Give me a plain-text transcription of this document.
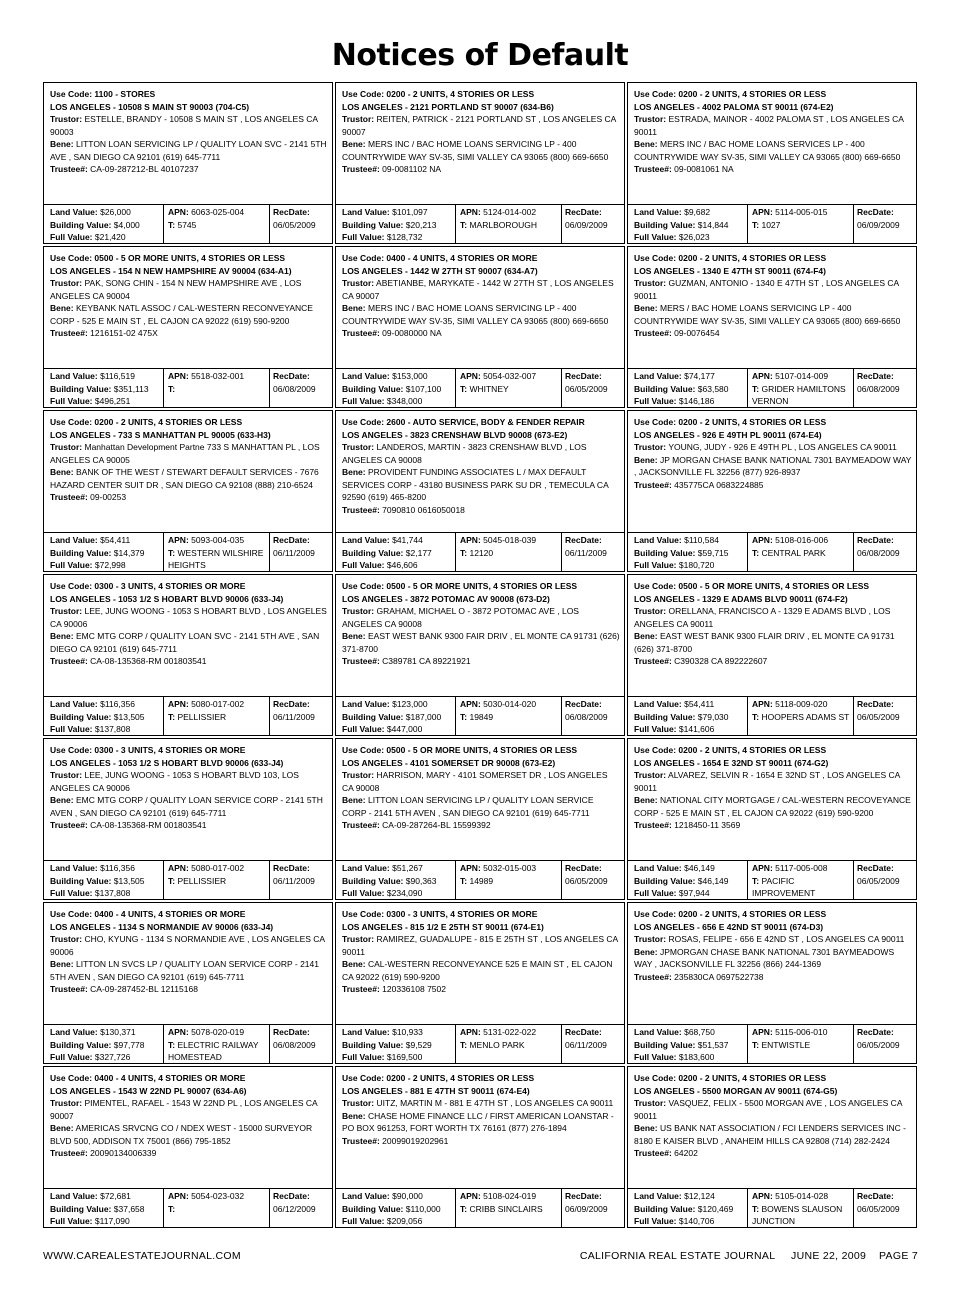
Notices of Default
Use Code: 1100 - STORES
LOS ANGELES - 10508 S MAIN ST 90003 (704-C5)
Trustor: ESTELLE, BRANDY - 10508 S MAIN ST , LOS ANGELES CA 90003
Bene: LITTON LOAN SERVICING LP / QUALITY LOAN SVC - 2141 5TH AVE , SAN DIEGO CA 92101 (619) 645-7711
Trustee#: CA-09-287212-BL 40107237
Land Value: $26,000
Building Value: $4,000
Full Value: $21,420
APN: 6063-025-004
T: 5745
RecDate:
06/05/2009
Use Code: 0200 - 2 UNITS, 4 STORIES OR LESS
LOS ANGELES - 2121 PORTLAND ST 90007 (634-B6)
Trustor: REITEN, PATRICK - 2121 PORTLAND ST , LOS ANGELES CA 90007
Bene: MERS INC / BAC HOME LOANS SERVICING LP - 400 COUNTRYWIDE WAY SV-35, SIMI VALLEY CA 93065 (800) 669-6650
Trustee#: 09-0081102 NA
Land Value: $101,097
Building Value: $20,213
Full Value: $128,732
APN: 5124-014-002
T: MARLBOROUGH
RecDate:
06/09/2009
Use Code: 0200 - 2 UNITS, 4 STORIES OR LESS
LOS ANGELES - 4002 PALOMA ST 90011 (674-E2)
Trustor: ESTRADA, MAINOR - 4002 PALOMA ST , LOS ANGELES CA 90011
Bene: MERS INC / BAC HOME LOANS SERVICES LP - 400 COUNTRYWIDE WAY SV-35, SIMI VALLEY CA 93065 (800) 669-6650
Trustee#: 09-0081061 NA
Land Value: $9,682
Building Value: $14,844
Full Value: $26,023
APN: 5114-005-015
T: 1027
RecDate:
06/09/2009
Use Code: 0500 - 5 OR MORE UNITS, 4 STORIES OR LESS
LOS ANGELES - 154 N NEW HAMPSHIRE AV 90004 (634-A1)
Trustor: PAK, SONG CHIN - 154 N NEW HAMPSHIRE AVE , LOS ANGELES CA 90004
Bene: KEYBANK NATL ASSOC / CAL-WESTERN RECONVEYANCE CORP - 525 E MAIN ST , EL CAJON CA 92022 (619) 590-9200
Trustee#: 1216151-02 475X
Land Value: $116,519
Building Value: $351,113
Full Value: $496,251
APN: 5518-032-001
T:
RecDate:
06/08/2009
Use Code: 0400 - 4 UNITS, 4 STORIES OR MORE
LOS ANGELES - 1442 W 27TH ST 90007 (634-A7)
Trustor: ABETIANBE, MARYKATE - 1442 W 27TH ST , LOS ANGELES CA 90007
Bene: MERS INC / BAC HOME LOANS SERVICING LP - 400 COUNTRYWIDE WAY SV-35, SIMI VALLEY CA 93065 (800) 669-6650
Trustee#: 09-0080000 NA
Land Value: $153,000
Building Value: $107,100
Full Value: $348,000
APN: 5054-032-007
T: WHITNEY
RecDate:
06/05/2009
Use Code: 0200 - 2 UNITS, 4 STORIES OR LESS
LOS ANGELES - 1340 E 47TH ST 90011 (674-F4)
Trustor: GUZMAN, ANTONIO - 1340 E 47TH ST , LOS ANGELES CA 90011
Bene: MERS / BAC HOME LOANS SERVICING LP - 400 COUNTRYWIDE WAY SV-35, SIMI VALLEY CA 93065 (800) 669-6650
Trustee#: 09-0076454
Land Value: $74,177
Building Value: $63,580
Full Value: $146,186
APN: 5107-014-009
T: GRIDER HAMILTONS VERNON
RecDate:
06/08/2009
Use Code: 0200 - 2 UNITS, 4 STORIES OR LESS
LOS ANGELES - 733 S MANHATTAN PL 90005 (633-H3)
Trustor: Manhattan Development Partne 733 S MANHATTAN PL , LOS ANGELES CA 90005
Bene: BANK OF THE WEST / STEWART DEFAULT SERVICES - 7676 HAZARD CENTER SUIT DR , SAN DIEGO CA 92108 (888) 210-6524
Trustee#: 09-00253
Land Value: $54,411
Building Value: $14,379
Full Value: $72,998
APN: 5093-004-035
T: WESTERN WILSHIRE HEIGHTS
RecDate:
06/11/2009
Use Code: 2600 - AUTO SERVICE, BODY & FENDER REPAIR
LOS ANGELES - 3823 CRENSHAW BLVD 90008 (673-E2)
Trustor: LANDEROS, MARTIN - 3823 CRENSHAW BLVD , LOS ANGELES CA 90008
Bene: PROVIDENT FUNDING ASSOCIATES L / MAX DEFAULT SERVICES CORP - 43180 BUSINESS PARK SU DR , TEMECULA CA 92590 (619) 465-8200
Trustee#: 7090810 0616050018
Land Value: $41,744
Building Value: $2,177
Full Value: $46,606
APN: 5045-018-039
T: 12120
RecDate:
06/11/2009
Use Code: 0200 - 2 UNITS, 4 STORIES OR LESS
LOS ANGELES - 926 E 49TH PL 90011 (674-E4)
Trustor: YOUNG, JUDY - 926 E 49TH PL , LOS ANGELES CA 90011
Bene: JP MORGAN CHASE BANK NATIONAL 7301 BAYMEADOW WAY , JACKSONVILLE FL 32256 (877) 926-8937
Trustee#: 435775CA 0683224885
Land Value: $110,584
Building Value: $59,715
Full Value: $180,720
APN: 5108-016-006
T: CENTRAL PARK
RecDate:
06/08/2009
Use Code: 0300 - 3 UNITS, 4 STORIES OR MORE
LOS ANGELES - 1053 1/2 S HOBART BLVD 90006 (633-J4)
Trustor: LEE, JUNG WOONG - 1053 S HOBART BLVD , LOS ANGELES CA 90006
Bene: EMC MTG CORP / QUALITY LOAN SVC - 2141 5TH AVE , SAN DIEGO CA 92101 (619) 645-7711
Trustee#: CA-08-135368-RM 001803541
Land Value: $116,356
Building Value: $13,505
Full Value: $137,808
APN: 5080-017-002
T: PELLISSIER
RecDate:
06/11/2009
Use Code: 0500 - 5 OR MORE UNITS, 4 STORIES OR LESS
LOS ANGELES - 3872 POTOMAC AV 90008 (673-D2)
Trustor: GRAHAM, MICHAEL O - 3872 POTOMAC AVE , LOS ANGELES CA 90008
Bene: EAST WEST BANK 9300 FAIR DRIV , EL MONTE CA 91731 (626) 371-8700
Trustee#: C389781 CA 89221921
Land Value: $123,000
Building Value: $187,000
Full Value: $447,000
APN: 5030-014-020
T: 19849
RecDate:
06/08/2009
Use Code: 0500 - 5 OR MORE UNITS, 4 STORIES OR LESS
LOS ANGELES - 1329 E ADAMS BLVD 90011 (674-F2)
Trustor: ORELLANA, FRANCISCO A - 1329 E ADAMS BLVD , LOS ANGELES CA 90011
Bene: EAST WEST BANK 9300 FLAIR DRIV , EL MONTE CA 91731 (626) 371-8700
Trustee#: C390328 CA 892222607
Land Value: $54,411
Building Value: $79,030
Full Value: $141,606
APN: 5118-009-020
T: HOOPERS ADAMS ST
RecDate:
06/05/2009
Use Code: 0300 - 3 UNITS, 4 STORIES OR MORE
LOS ANGELES - 1053 1/2 S HOBART BLVD 90006 (633-J4)
Trustor: LEE, JUNG WOONG - 1053 S HOBART BLVD 103, LOS ANGELES CA 90006
Bene: EMC MTG CORP / QUALITY LOAN SERVICE CORP - 2141 5TH AVEN , SAN DIEGO CA 92101 (619) 645-7711
Trustee#: CA-08-135368-RM 001803541
Land Value: $116,356
Building Value: $13,505
Full Value: $137,808
APN: 5080-017-002
T: PELLISSIER
RecDate:
06/11/2009
Use Code: 0500 - 5 OR MORE UNITS, 4 STORIES OR LESS
LOS ANGELES - 4101 SOMERSET DR 90008 (673-E2)
Trustor: HARRISON, MARY - 4101 SOMERSET DR , LOS ANGELES CA 90008
Bene: LITTON LOAN SERVICING LP / QUALITY LOAN SERVICE CORP - 2141 5TH AVEN , SAN DIEGO CA 92101 (619) 645-7711
Trustee#: CA-09-287264-BL 15599392
Land Value: $51,267
Building Value: $90,363
Full Value: $234,090
APN: 5032-015-003
T: 14989
RecDate:
06/05/2009
Use Code: 0200 - 2 UNITS, 4 STORIES OR LESS
LOS ANGELES - 1654 E 32ND ST 90011 (674-G2)
Trustor: ALVAREZ, SELVIN R - 1654 E 32ND ST , LOS ANGELES CA 90011
Bene: NATIONAL CITY MORTGAGE / CAL-WESTERN RECOVEYANCE CORP - 525 E MAIN ST , EL CAJON CA 92022 (619) 590-9200
Trustee#: 1218450-11 3569
Land Value: $46,149
Building Value: $46,149
Full Value: $97,944
APN: 5117-005-008
T: PACIFIC IMPROVEMENT
RecDate:
06/05/2009
Use Code: 0400 - 4 UNITS, 4 STORIES OR MORE
LOS ANGELES - 1134 S NORMANDIE AV 90006 (633-J4)
Trustor: CHO, KYUNG - 1134 S NORMANDIE AVE , LOS ANGELES CA 90006
Bene: LITTON LN SVCS LP / QUALITY LOAN SERVICE CORP - 2141 5TH AVEN , SAN DIEGO CA 92101 (619) 645-7711
Trustee#: CA-09-287452-BL 12115168
Land Value: $130,371
Building Value: $97,778
Full Value: $327,726
APN: 5078-020-019
T: ELECTRIC RAILWAY HOMESTEAD
RecDate:
06/08/2009
Use Code: 0300 - 3 UNITS, 4 STORIES OR MORE
LOS ANGELES - 815 1/2 E 25TH ST 90011 (674-E1)
Trustor: RAMIREZ, GUADALUPE - 815 E 25TH ST , LOS ANGELES CA 90011
Bene: CAL-WESTERN RECONVEYANCE 525 E MAIN ST , EL CAJON CA 92022 (619) 590-9200
Trustee#: 120336108 7502
Land Value: $10,933
Building Value: $9,529
Full Value: $169,500
APN: 5131-022-022
T: MENLO PARK
RecDate:
06/11/2009
Use Code: 0200 - 2 UNITS, 4 STORIES OR LESS
LOS ANGELES - 656 E 42ND ST 90011 (674-D3)
Trustor: ROSAS, FELIPE - 656 E 42ND ST , LOS ANGELES CA 90011
Bene: JPMORGAN CHASE BANK NATIONAL 7301 BAYMEADOWS WAY , JACKSONVILLE FL 32256 (866) 244-1369
Trustee#: 235830CA 0697522738
Land Value: $68,750
Building Value: $51,537
Full Value: $183,600
APN: 5115-006-010
T: ENTWISTLE
RecDate:
06/05/2009
Use Code: 0400 - 4 UNITS, 4 STORIES OR MORE
LOS ANGELES - 1543 W 22ND PL 90007 (634-A6)
Trustor: PIMENTEL, RAFAEL - 1543 W 22ND PL , LOS ANGELES CA 90007
Bene: AMERICAS SRVCNG CO / NDEX WEST - 15000 SURVEYOR BLVD 500, ADDISON TX 75001 (866) 795-1852
Trustee#: 20090134006339
Land Value: $72,681
Building Value: $37,658
Full Value: $117,090
APN: 5054-023-032
T:
RecDate:
06/12/2009
Use Code: 0200 - 2 UNITS, 4 STORIES OR LESS
LOS ANGELES - 881 E 47TH ST 90011 (674-E4)
Trustor: UITZ, MARTIN M - 881 E 47TH ST , LOS ANGELES CA 90011
Bene: CHASE HOME FINANCE LLC / FIRST AMERICAN LOANSTAR - PO BOX 961253, FORT WORTH TX 76161 (877) 276-1894
Trustee#: 20099019202961
Land Value: $90,000
Building Value: $110,000
Full Value: $209,056
APN: 5108-024-019
T: CRIBB SINCLAIRS
RecDate:
06/09/2009
Use Code: 0200 - 2 UNITS, 4 STORIES OR LESS
LOS ANGELES - 5500 MORGAN AV 90011 (674-G5)
Trustor: VASQUEZ, FELIX - 5500 MORGAN AVE , LOS ANGELES CA 90011
Bene: US BANK NAT ASSOCIATION / FCI LENDERS SERVICES INC - 8180 E KAISER BLVD , ANAHEIM HILLS CA 92808 (714) 282-2424
Trustee#: 64202
Land Value: $12,124
Building Value: $120,469
Full Value: $140,706
APN: 5105-014-028
T: BOWENS SLAUSON JUNCTION
RecDate:
06/05/2009
WWW.CAREALESTATEJOURNAL.COM	CALIFORNIA REAL ESTATE JOURNAL     JUNE 22, 2009    PAGE 7
